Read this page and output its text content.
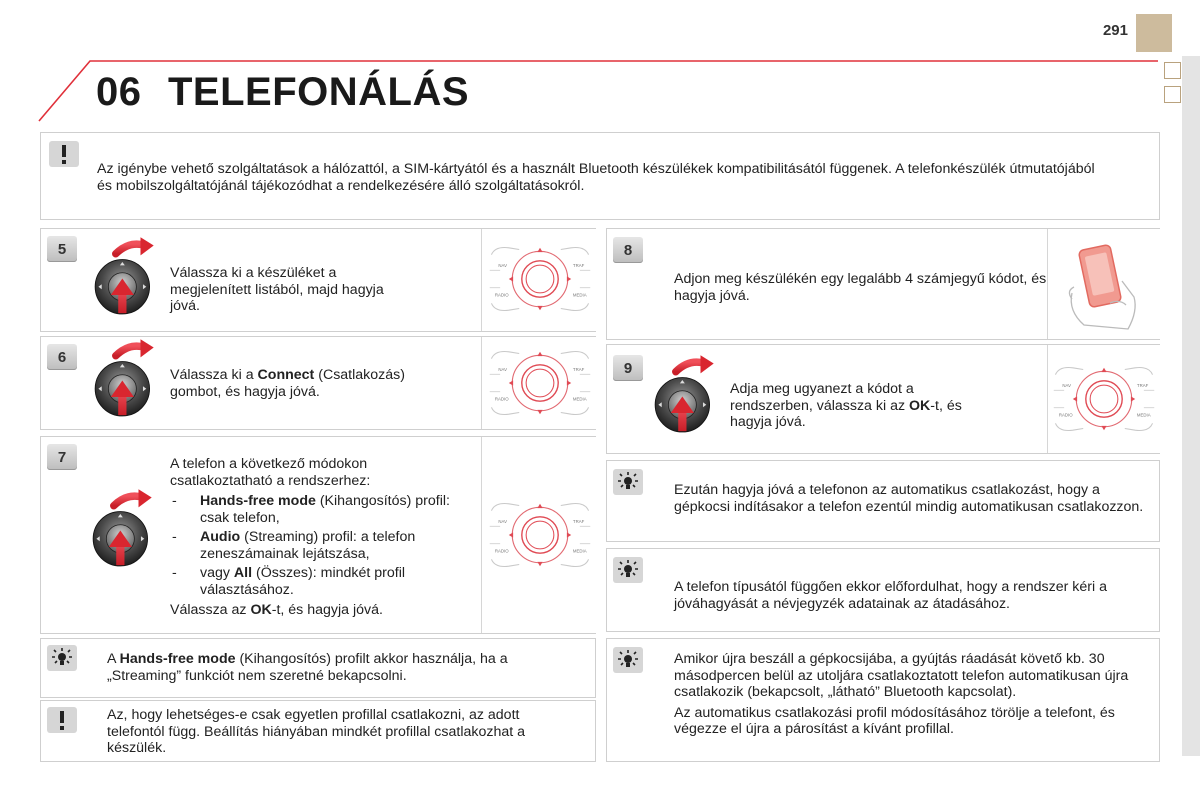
291
06 TELEFONÁLÁS
Az igénybe vehető szolgáltatások a hálózattól, a SIM-kártyától és a használt Bluetooth készülékek kompatibilitásától függenek. A telefonkészülék útmutatójából és mobilszolgáltatójánál tájékozódhat a rendelkezésére álló szolgáltatásokról.
5
Válassza ki a készüléket a megjelenített listából, majd hagyja jóvá.
6
Válassza ki a Connect (Csatlakozás) gombot, és hagyja jóvá.
7	A telefon a következő módokon csatlakoztatható a rendszerhez:
- Hands-free mode (Kihangosítós) profil: csak telefon,
- Audio (Streaming) profil: a telefon zeneszámainak lejátszása,
- vagy All (Összes): mindkét profil választásához.
Válassza az OK-t, és hagyja jóvá.
A Hands-free mode (Kihangosítós) profilt akkor használja, ha a „Streaming” funkciót nem szeretné bekapcsolni.
Az, hogy lehetséges-e csak egyetlen profillal csatlakozni, az adott telefontól függ. Beállítás hiányában mindkét profillal csatlakozhat a készülék.
8
Adjon meg készülékén egy legalább 4 számjegyű kódot, és hagyja jóvá.
9
Adja meg ugyanezt a kódot a rendszerben, válassza ki az OK-t, és hagyja jóvá.
Ezután hagyja jóvá a telefonon az automatikus csatlakozást, hogy a gépkocsi indításakor a telefon ezentúl mindig automatikusan csatlakozzon.
A telefon típusától függően ekkor előfordulhat, hogy a rendszer kéri a jóváhagyását a névjegyzék adatainak az átadásához.
Amikor újra beszáll a gépkocsijába, a gyújtás ráadását követő kb. 30 másodpercen belül az utoljára csatlakoztatott telefon automatikusan újra csatlakozik (bekapcsolt, „látható” Bluetooth kapcsolat).
Az automatikus csatlakozási profil módosításához törölje a telefont, és végezze el újra a párosítást a kívánt profillal.
